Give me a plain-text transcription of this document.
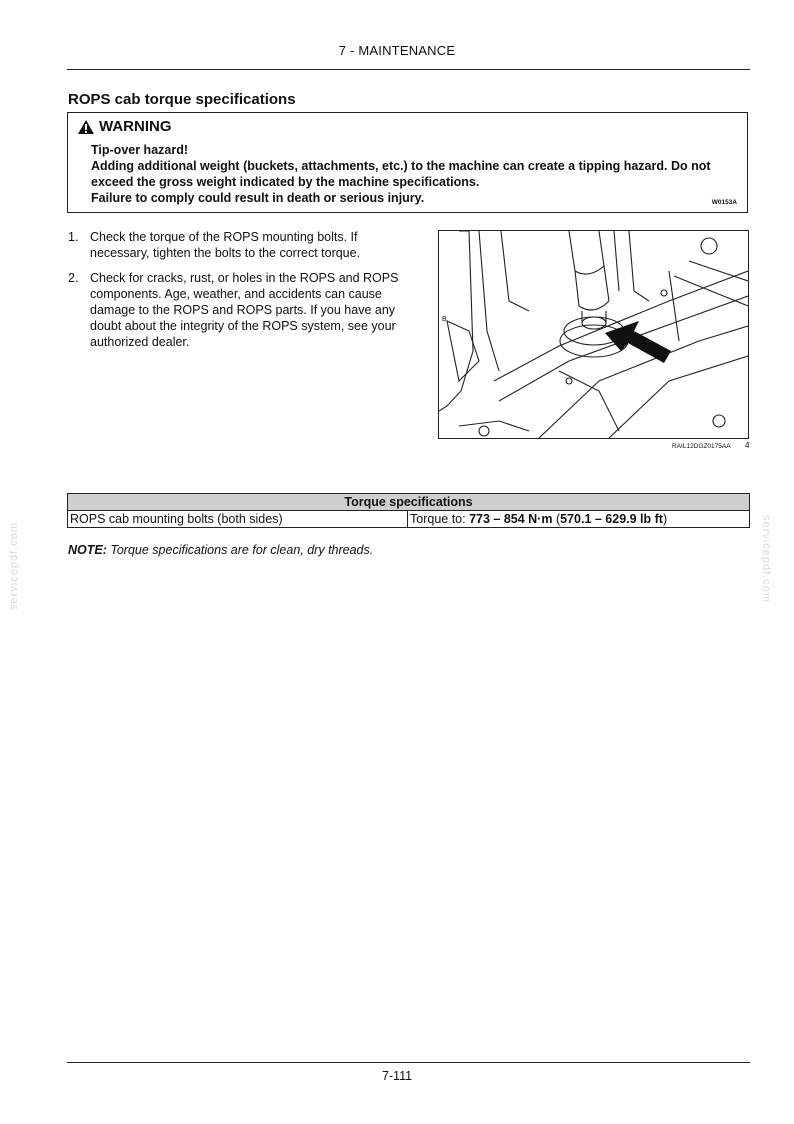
7 - MAINTENANCE
ROPS cab torque specifications
WARNING
Tip-over hazard!
Adding additional weight (buckets, attachments, etc.) to the machine can create a tipping hazard. Do not exceed the gross weight indicated by the machine specifications.
Failure to comply could result in death or serious injury.	W0153A
1. Check the torque of the ROPS mounting bolts. If necessary, tighten the bolts to the correct torque.
2. Check for cracks, rust, or holes in the ROPS and ROPS components. Age, weather, and accidents can cause damage to the ROPS and ROPS parts. If you have any doubt about the integrity of the ROPS system, see your authorized dealer.
B
RAIL12DGZ0175AA 4
Torque specifications
ROPS cab mounting bolts (both sides)	Torque to: 773 – 854 N·m (570.1 – 629.9 lb ft)
NOTE: Torque specifications are for clean, dry threads.
servicepdf.com	servicepdf.com
7-111
